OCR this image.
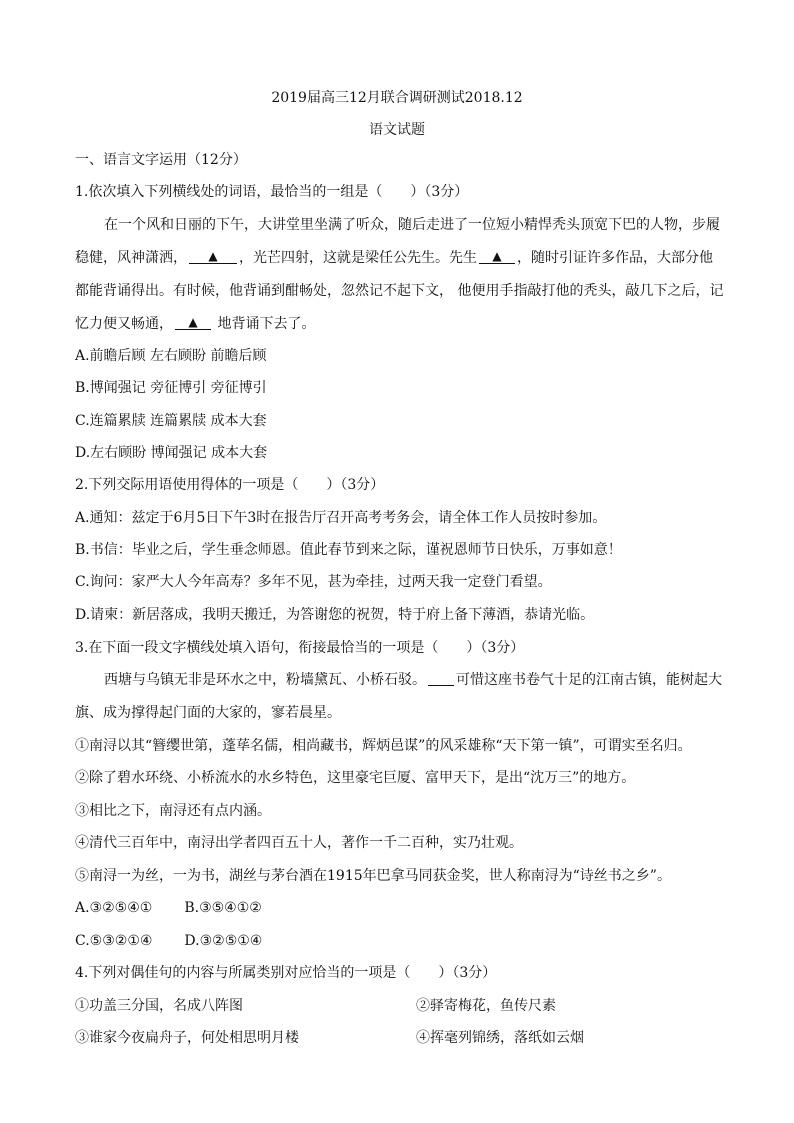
2019届高三12月联合调研测试2018.12
语文试题
一、语言文字运用（12分）
1.依次填入下列横线处的词语，最恰当的一组是（　　）（3分）
在一个风和日丽的下午，大讲堂里坐满了听众，随后走进了一位短小精悍秃头顶宽下巴的人物，步履
稳健，风神潇洒， ▲	，光芒四射，这就是梁任公先生。先生 ▲	，随时引证许多作品，大部分他
都能背诵得出。有时候，他背诵到酣畅处，忽然记不起下文， 他便用手指敲打他的秃头，敲几下之后，记
忆力便又畅通， ▲	地背诵下去了。
A.前瞻后顾 左右顾盼 前瞻后顾
B.博闻强记 旁征博引 旁征博引
C.连篇累牍 连篇累牍 成本大套
D.左右顾盼 博闻强记 成本大套
2.下列交际用语使用得体的一项是（　　）（3分）
A.通知：兹定于6月5日下午3时在报告厅召开高考考务会，请全体工作人员按时参加。
B.书信：毕业之后，学生垂念师恩。值此春节到来之际，谨祝恩师节日快乐，万事如意！
C.询问：家严大人今年高寿？多年不见，甚为牵挂，过两天我一定登门看望。
D.请柬：新居落成，我明天搬迁，为答谢您的祝贺，特于府上备下薄酒，恭请光临。
3.在下面一段文字横线处填入语句，衔接最恰当的一项是（　　）（3分）
西塘与乌镇无非是环水之中，粉墙黛瓦、小桥石驳。 可惜这座书卷气十足的江南古镇，能树起大
旗、成为撑得起门面的大家的，寥若晨星。
①南浔以其“簪缨世第，蓬荜名儒，相尚藏书，辉炳邑谋”的风采雄称“天下第一镇”，可谓实至名归。
②除了碧水环绕、小桥流水的水乡特色，这里豪宅巨厦、富甲天下，是出“沈万三”的地方。
③相比之下，南浔还有点内涵。
④清代三百年中，南浔出学者四百五十人，著作一千二百种，实乃壮观。
⑤南浔一为丝，一为书，湖丝与茅台酒在1915年巴拿马同获金奖，世人称南浔为“诗丝书之乡”。
A.③②⑤④① B.③⑤④①②
C.⑤③②①④ D.③②⑤①④
4.下列对偶佳句的内容与所属类别对应恰当的一项是（　　）（3分）
①功盖三分国，名成八阵图	②驿寄梅花，鱼传尺素
③谁家今夜扁舟子，何处相思明月楼	④挥毫列锦绣，落纸如云烟
